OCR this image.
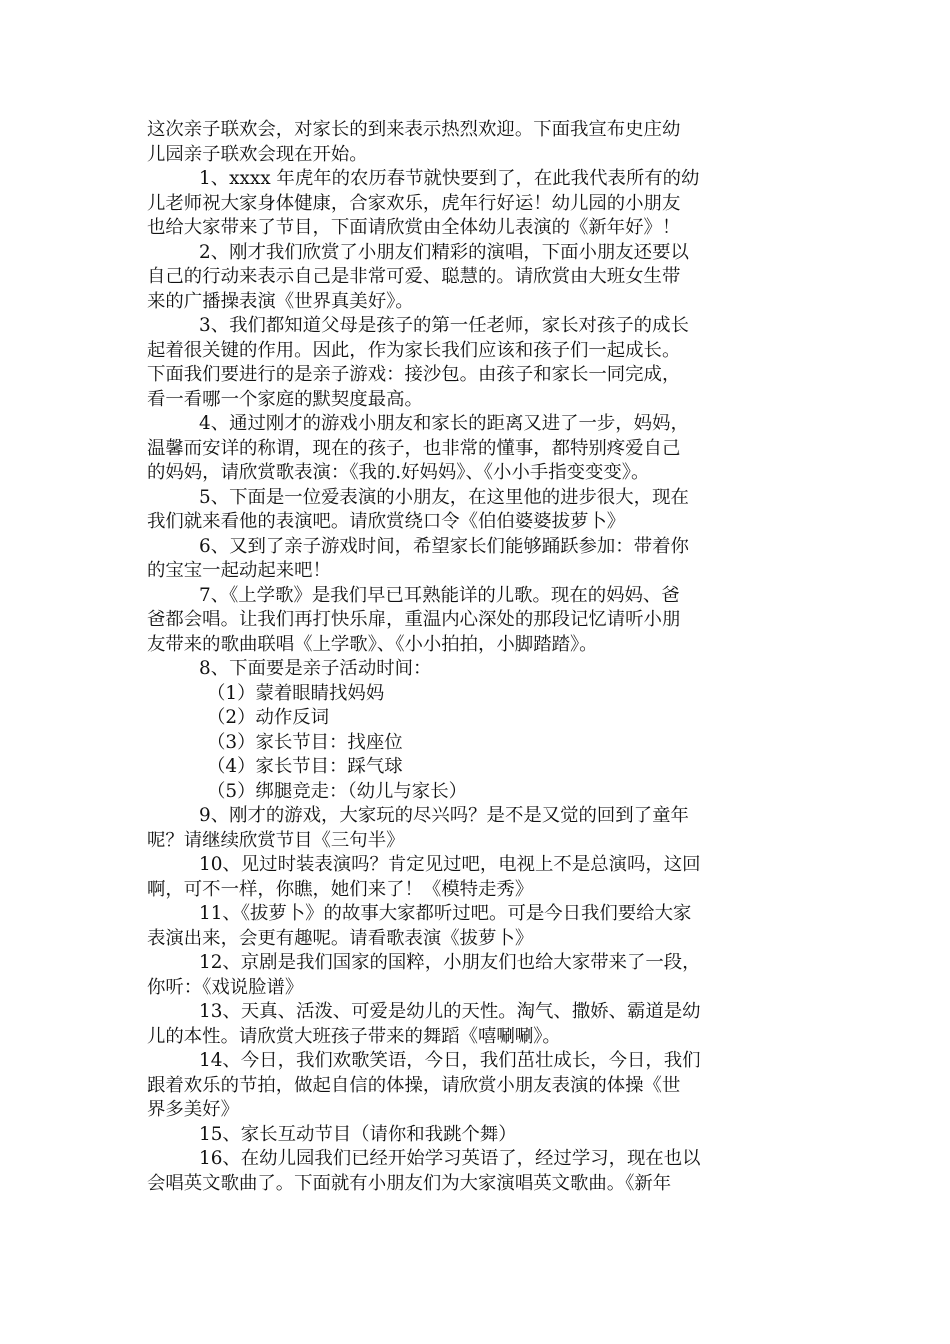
这次亲子联欢会，对家长的到来表示热烈欢迎。下面我宣布史庄幼
儿园亲子联欢会现在开始。
1、xxxx 年虎年的农历春节就快要到了，在此我代表所有的幼
儿老师祝大家身体健康，合家欢乐，虎年行好运！幼儿园的小朋友
也给大家带来了节目，下面请欣赏由全体幼儿表演的《新年好》！
2、刚才我们欣赏了小朋友们精彩的演唱，下面小朋友还要以
自己的行动来表示自己是非常可爱、聪慧的。请欣赏由大班女生带
来的广播操表演《世界真美好》。
3、我们都知道父母是孩子的第一任老师，家长对孩子的成长
起着很关键的作用。因此，作为家长我们应该和孩子们一起成长。
下面我们要进行的是亲子游戏：接沙包。由孩子和家长一同完成，
看一看哪一个家庭的默契度最高。
4、通过刚才的游戏小朋友和家长的距离又进了一步，妈妈，
温馨而安详的称谓，现在的孩子，也非常的懂事，都特别疼爱自己
的妈妈，请欣赏歌表演：《我的.好妈妈》、《小小手指变变变》。
5、下面是一位爱表演的小朋友，在这里他的进步很大，现在
我们就来看他的表演吧。请欣赏绕口令《伯伯婆婆拔萝卜》
6、又到了亲子游戏时间，希望家长们能够踊跃参加：带着你
的宝宝一起动起来吧！
7、《上学歌》是我们早已耳熟能详的儿歌。现在的妈妈、爸
爸都会唱。让我们再打快乐扉，重温内心深处的那段记忆请听小朋
友带来的歌曲联唱《上学歌》、《小小拍拍，小脚踏踏》。
8、下面要是亲子活动时间：
（1）蒙着眼睛找妈妈
（2）动作反词
（3）家长节目：找座位
（4）家长节目：踩气球
（5）绑腿竞走：（幼儿与家长）
9、刚才的游戏，大家玩的尽兴吗？是不是又觉的回到了童年
呢？请继续欣赏节目《三句半》
10、见过时装表演吗？肯定见过吧，电视上不是总演吗，这回
啊，可不一样，你瞧，她们来了！《模特走秀》
11、《拔萝卜》的故事大家都听过吧。可是今日我们要给大家
表演出来，会更有趣呢。请看歌表演《拔萝卜》
12、京剧是我们国家的国粹，小朋友们也给大家带来了一段，
你听：《戏说脸谱》
13、天真、活泼、可爱是幼儿的天性。淘气、撒娇、霸道是幼
儿的本性。请欣赏大班孩子带来的舞蹈《嘻唰唰》。
14、今日，我们欢歌笑语，今日，我们茁壮成长，今日，我们
跟着欢乐的节拍，做起自信的体操，请欣赏小朋友表演的体操《世
界多美好》
15、家长互动节目（请你和我跳个舞）
16、在幼儿园我们已经开始学习英语了，经过学习，现在也以
会唱英文歌曲了。下面就有小朋友们为大家演唱英文歌曲。《新年
